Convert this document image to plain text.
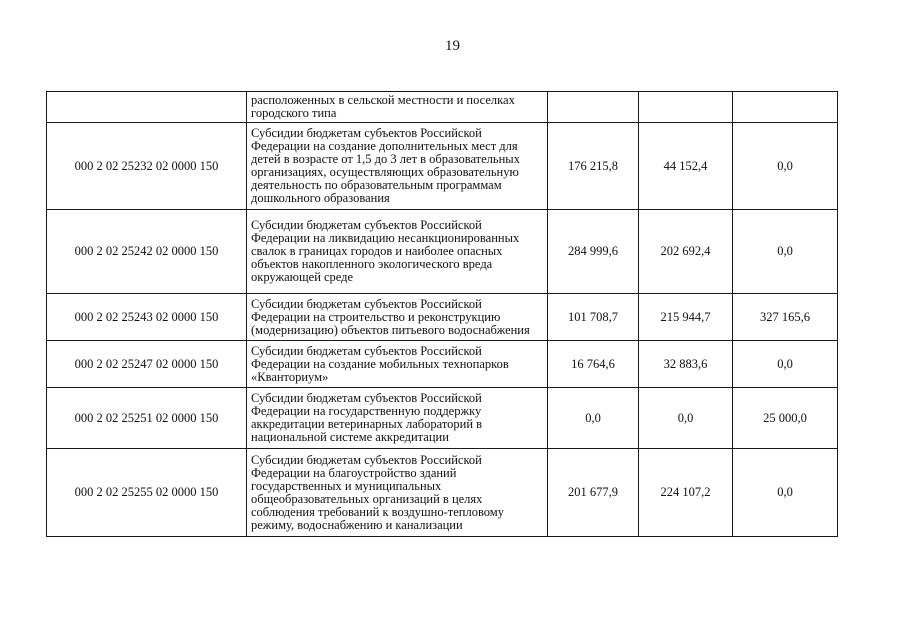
19
	расположенных в сельской местности и поселках городского типа			
000 2 02 25232 02 0000 150	Субсидии бюджетам субъектов Российской Федерации на создание дополнительных мест для детей в возрасте от 1,5 до 3 лет в образовательных организациях, осуществляющих образовательную деятельность по образовательным программам дошкольного образования	176 215,8	44 152,4	0,0
000 2 02 25242 02 0000 150	Субсидии бюджетам субъектов Российской Федерации на ликвидацию несанкционированных свалок в границах городов и наиболее опасных объектов накопленного экологического вреда окружающей среде	284 999,6	202 692,4	0,0
000 2 02 25243 02 0000 150	Субсидии бюджетам субъектов Российской Федерации на строительство и реконструкцию (модернизацию) объектов питьевого водоснабжения	101 708,7	215 944,7	327 165,6
000 2 02 25247 02 0000 150	Субсидии бюджетам субъектов Российской Федерации на создание мобильных технопарков «Кванториум»	16 764,6	32 883,6	0,0
000 2 02 25251 02 0000 150	Субсидии бюджетам субъектов Российской Федерации на государственную поддержку аккредитации ветеринарных лабораторий в национальной системе аккредитации	0,0	0,0	25 000,0
000 2 02 25255 02 0000 150	Субсидии бюджетам субъектов Российской Федерации на благоустройство зданий государственных и муниципальных общеобразовательных организаций в целях соблюдения требований к воздушно-тепловому режиму, водоснабжению и канализации	201 677,9	224 107,2	0,0
